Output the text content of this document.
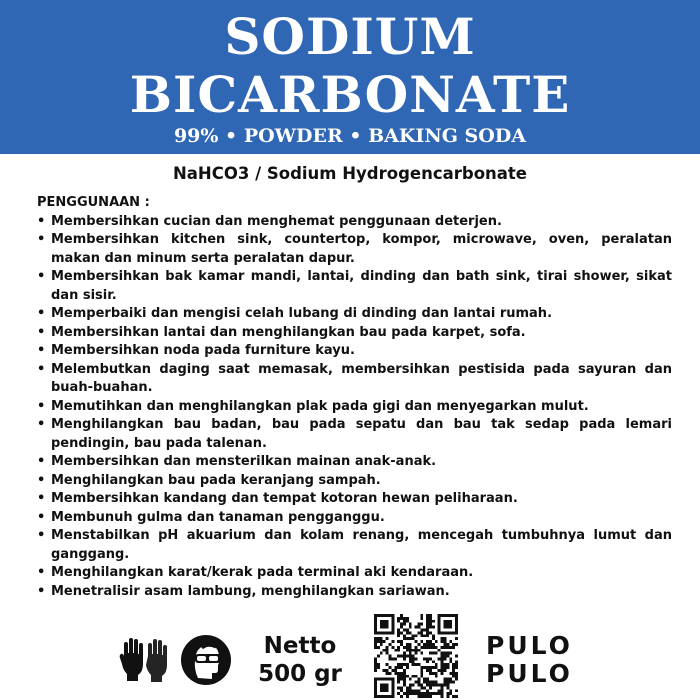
SODIUM
BICARBONATE
99% • POWDER • BAKING SODA
NaHCO3 / Sodium Hydrogencarbonate
PENGGUNAAN :
• Membersihkan cucian dan menghemat penggunaan deterjen.
• Membersihkan kitchen sink, countertop, kompor, microwave, oven, peralatan makan dan minum serta peralatan dapur.
• Membersihkan bak kamar mandi, lantai, dinding dan bath sink, tirai shower, sikat dan sisir.
• Memperbaiki dan mengisi celah lubang di dinding dan lantai rumah.
• Membersihkan lantai dan menghilangkan bau pada karpet, sofa.
• Membersihkan noda pada furniture kayu.
• Melembutkan daging saat memasak, membersihkan pestisida pada sayuran dan buah-buahan.
• Memutihkan dan menghilangkan plak pada gigi dan menyegarkan mulut.
• Menghilangkan bau badan, bau pada sepatu dan bau tak sedap pada lemari pendingin, bau pada talenan.
• Membersihkan dan mensterilkan mainan anak-anak.
• Menghilangkan bau pada keranjang sampah.
• Membersihkan kandang dan tempat kotoran hewan peliharaan.
• Membunuh gulma dan tanaman pengganggu.
• Menstabilkan pH akuarium dan kolam renang, mencegah tumbuhnya lumut dan ganggang.
• Menghilangkan karat/kerak pada terminal aki kendaraan.
• Menetralisir asam lambung, menghilangkan sariawan.
Netto
500 gr
PULO
PULO
